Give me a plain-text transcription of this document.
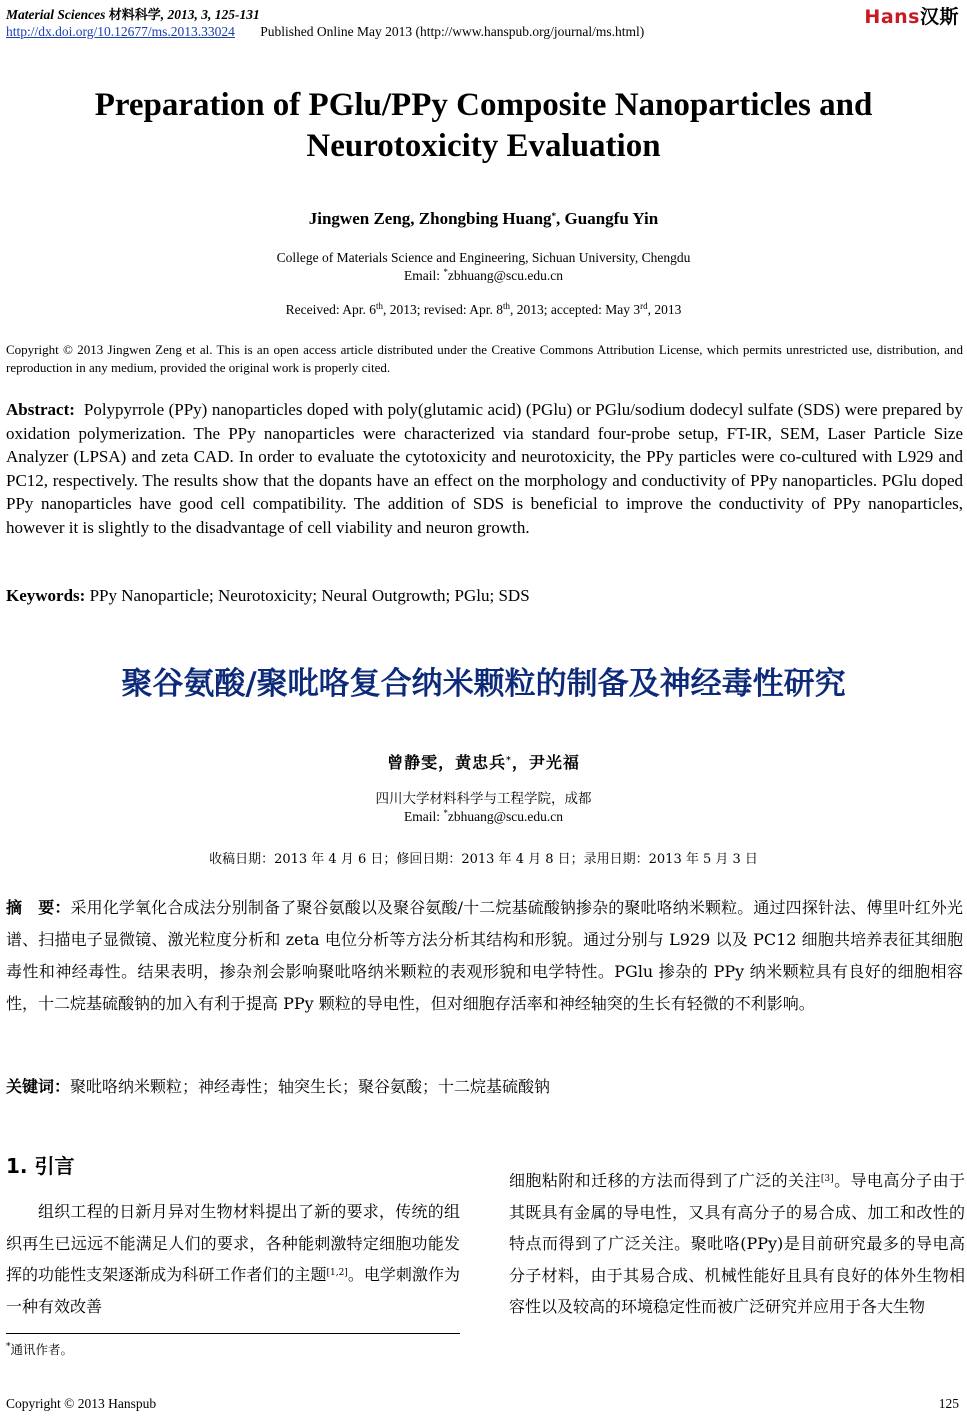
Material Sciences 材料科学, 2013, 3, 125-131
http://dx.doi.org/10.12677/ms.2013.33024 Published Online May 2013 (http://www.hanspub.org/journal/ms.html)
Hans汉斯
Preparation of PGlu/PPy Composite Nanoparticles and Neurotoxicity Evaluation
Jingwen Zeng, Zhongbing Huang*, Guangfu Yin
College of Materials Science and Engineering, Sichuan University, Chengdu
Email: *zbhuang@scu.edu.cn
Received: Apr. 6th, 2013; revised: Apr. 8th, 2013; accepted: May 3rd, 2013
Copyright © 2013 Jingwen Zeng et al. This is an open access article distributed under the Creative Commons Attribution License, which permits unrestricted use, distribution, and reproduction in any medium, provided the original work is properly cited.
Abstract: Polypyrrole (PPy) nanoparticles doped with poly(glutamic acid) (PGlu) or PGlu/sodium dodecyl sulfate (SDS) were prepared by oxidation polymerization. The PPy nanoparticles were characterized via standard four-probe setup, FT-IR, SEM, Laser Particle Size Analyzer (LPSA) and zeta CAD. In order to evaluate the cytotoxicity and neurotoxicity, the PPy particles were co-cultured with L929 and PC12, respectively. The results show that the dopants have an effect on the morphology and conductivity of PPy nanoparticles. PGlu doped PPy nanoparticles have good cell compatibility. The addition of SDS is beneficial to improve the conductivity of PPy nanoparticles, however it is slightly to the disadvantage of cell viability and neuron growth.
Keywords: PPy Nanoparticle; Neurotoxicity; Neural Outgrowth; PGlu; SDS
聚谷氨酸/聚吡咯复合纳米颗粒的制备及神经毒性研究
曾静雯，黄忠兵*，尹光福
四川大学材料科学与工程学院，成都
Email: *zbhuang@scu.edu.cn
收稿日期：2013 年 4 月 6 日；修回日期：2013 年 4 月 8 日；录用日期：2013 年 5 月 3 日
摘　要：采用化学氧化合成法分别制备了聚谷氨酸以及聚谷氨酸/十二烷基硫酸钠掺杂的聚吡咯纳米颗粒。通过四探针法、傅里叶红外光谱、扫描电子显微镜、激光粒度分析和 zeta 电位分析等方法分析其结构和形貌。通过分别与 L929 以及 PC12 细胞共培养表征其细胞毒性和神经毒性。结果表明，掺杂剂会影响聚吡咯纳米颗粒的表观形貌和电学特性。PGlu 掺杂的 PPy 纳米颗粒具有良好的细胞相容性，十二烷基硫酸钠的加入有利于提高 PPy 颗粒的导电性，但对细胞存活率和神经轴突的生长有轻微的不利影响。
关键词：聚吡咯纳米颗粒；神经毒性；轴突生长；聚谷氨酸；十二烷基硫酸钠
1. 引言
组织工程的日新月异对生物材料提出了新的要求，传统的组织再生已远远不能满足人们的要求，各种能刺激特定细胞功能发挥的功能性支架逐渐成为科研工作者们的主题[1,2]。电学刺激作为一种有效改善
细胞粘附和迁移的方法而得到了广泛的关注[3]。导电高分子由于其既具有金属的导电性，又具有高分子的易合成、加工和改性的特点而得到了广泛关注。聚吡咯(PPy)是目前研究最多的导电高分子材料，由于其易合成、机械性能好且具有良好的体外生物相容性以及较高的环境稳定性而被广泛研究并应用于各大生物
*通讯作者。
Copyright © 2013 Hanspub	125
